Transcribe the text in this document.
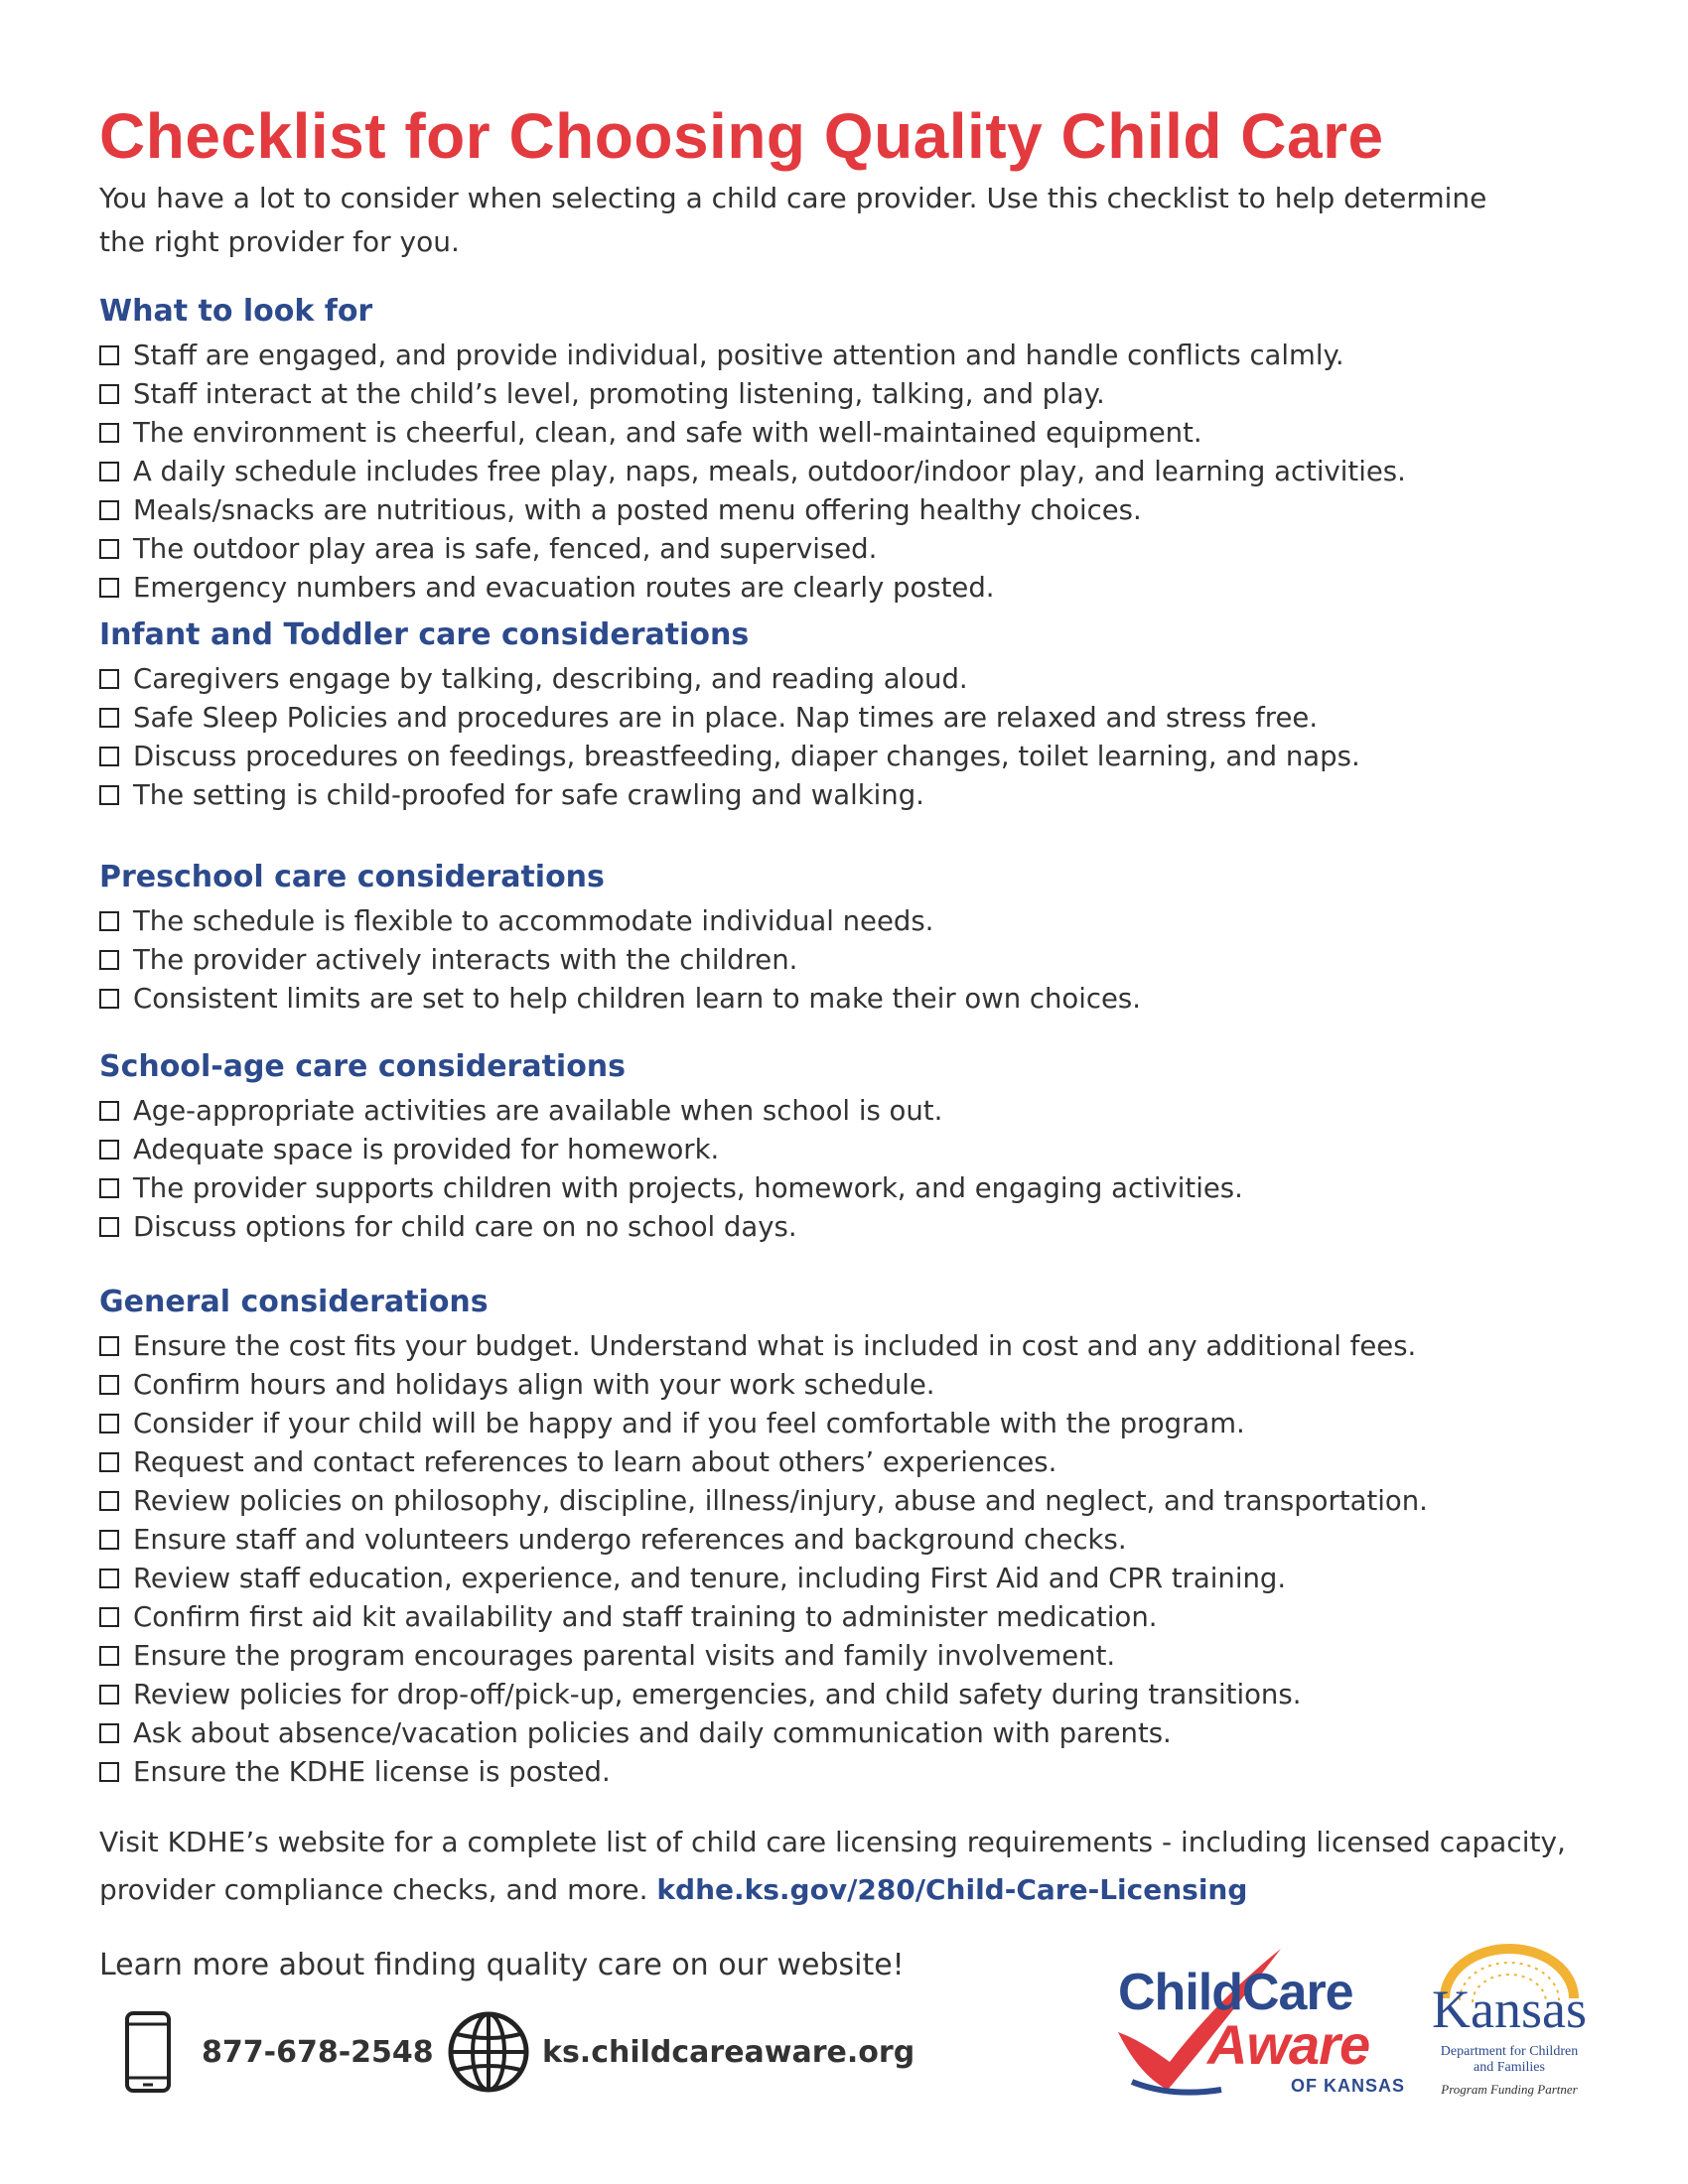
Checklist for Choosing Quality Child Care

You have a lot to consider when selecting a child care provider. Use this checklist to help determine the right provider for you.

What to look for
Staff are engaged, and provide individual, positive attention and handle conflicts calmly.
Staff interact at the child’s level, promoting listening, talking, and play.
The environment is cheerful, clean, and safe with well-maintained equipment.
A daily schedule includes free play, naps, meals, outdoor/indoor play, and learning activities.
Meals/snacks are nutritious, with a posted menu offering healthy choices.
The outdoor play area is safe, fenced, and supervised.
Emergency numbers and evacuation routes are clearly posted.
Infant and Toddler care considerations
Caregivers engage by talking, describing, and reading aloud.
Safe Sleep Policies and procedures are in place. Nap times are relaxed and stress free.
Discuss procedures on feedings, breastfeeding, diaper changes, toilet learning, and naps.
The setting is child-proofed for safe crawling and walking.
Preschool care considerations
The schedule is flexible to accommodate individual needs.
The provider actively interacts with the children.
Consistent limits are set to help children learn to make their own choices.
School-age care considerations
Age-appropriate activities are available when school is out.
Adequate space is provided for homework.
The provider supports children with projects, homework, and engaging activities.
Discuss options for child care on no school days.
General considerations
Ensure the cost fits your budget. Understand what is included in cost and any additional fees.
Confirm hours and holidays align with your work schedule.
Consider if your child will be happy and if you feel comfortable with the program.
Request and contact references to learn about others’ experiences.
Review policies on philosophy, discipline, illness/injury, abuse and neglect, and transportation.
Ensure staff and volunteers undergo references and background checks.
Review staff education, experience, and tenure, including First Aid and CPR training.
Confirm first aid kit availability and staff training to administer medication.
Ensure the program encourages parental visits and family involvement.
Review policies for drop-off/pick-up, emergencies, and child safety during transitions.
Ask about absence/vacation policies and daily communication with parents.
Ensure the KDHE license is posted.

Visit KDHE’s website for a complete list of child care licensing requirements - including licensed capacity, provider compliance checks, and more. kdhe.ks.gov/280/Child-Care-Licensing

Learn more about finding quality care on our website!

877-678-2548	ks.childcareaware.org
ChildCare
Aware
OF KANSAS
Kansas
Department for Children
and Families
Program Funding Partner
